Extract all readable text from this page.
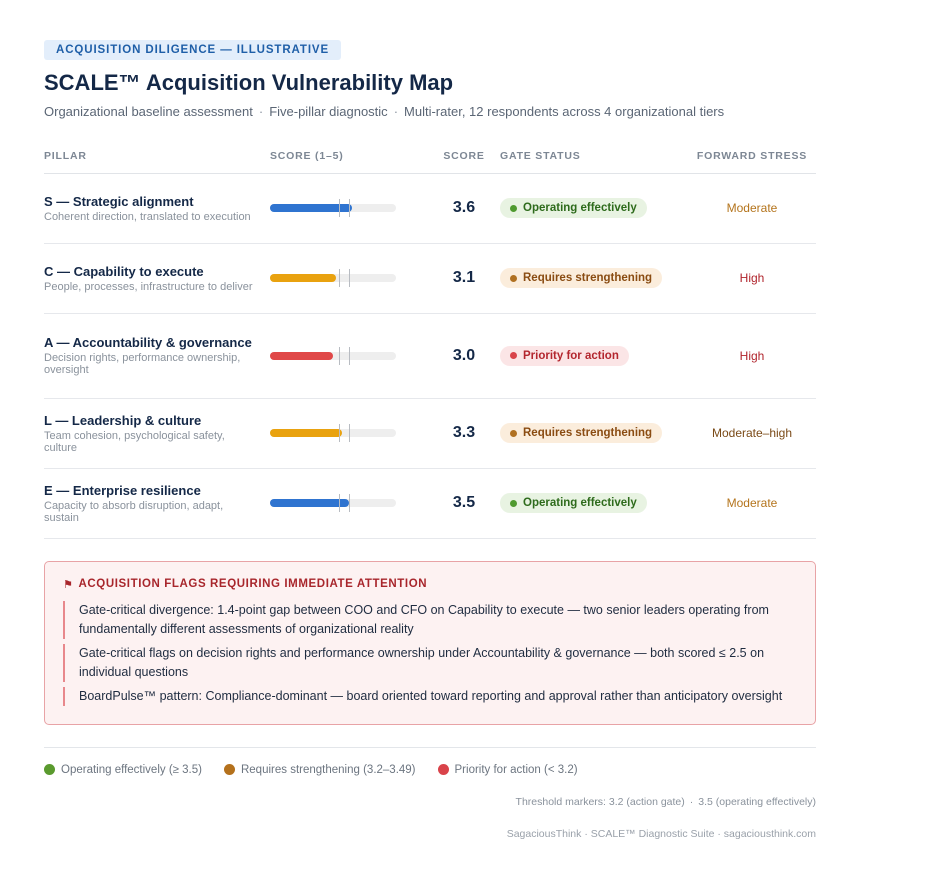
ACQUISITION DILIGENCE — ILLUSTRATIVE
SCALE™ Acquisition Vulnerability Map
Organizational baseline assessment · Five-pillar diagnostic · Multi-rater, 12 respondents across 4 organizational tiers
PILLAR	SCORE (1–5)	SCORE	GATE STATUS	FORWARD STRESS

S — Strategic alignment
Coherent direction, translated to execution		3.6	Operating effectively	Moderate

C — Capability to execute
People, processes, infrastructure to deliver		3.1	Requires strengthening	High

A — Accountability & governance
Decision rights, performance ownership, oversight		3.0	Priority for action	High

L — Leadership & culture
Team cohesion, psychological safety, culture		3.3	Requires strengthening	Moderate–high

E — Enterprise resilience
Capacity to absorb disruption, adapt, sustain		3.5	Operating effectively	Moderate
⚑ ACQUISITION FLAGS REQUIRING IMMEDIATE ATTENTION
Gate-critical divergence: 1.4-point gap between COO and CFO on Capability to execute — two senior leaders operating from fundamentally different assessments of organizational reality
Gate-critical flags on decision rights and performance ownership under Accountability & governance — both scored ≤ 2.5 on individual questions
BoardPulse™ pattern: Compliance-dominant — board oriented toward reporting and approval rather than anticipatory oversight
Operating effectively (≥ 3.5)	Requires strengthening (3.2–3.49)	Priority for action (< 3.2)
Threshold markers: 3.2 (action gate) · 3.5 (operating effectively)
SagaciousThink · SCALE™ Diagnostic Suite · sagaciousthink.com
